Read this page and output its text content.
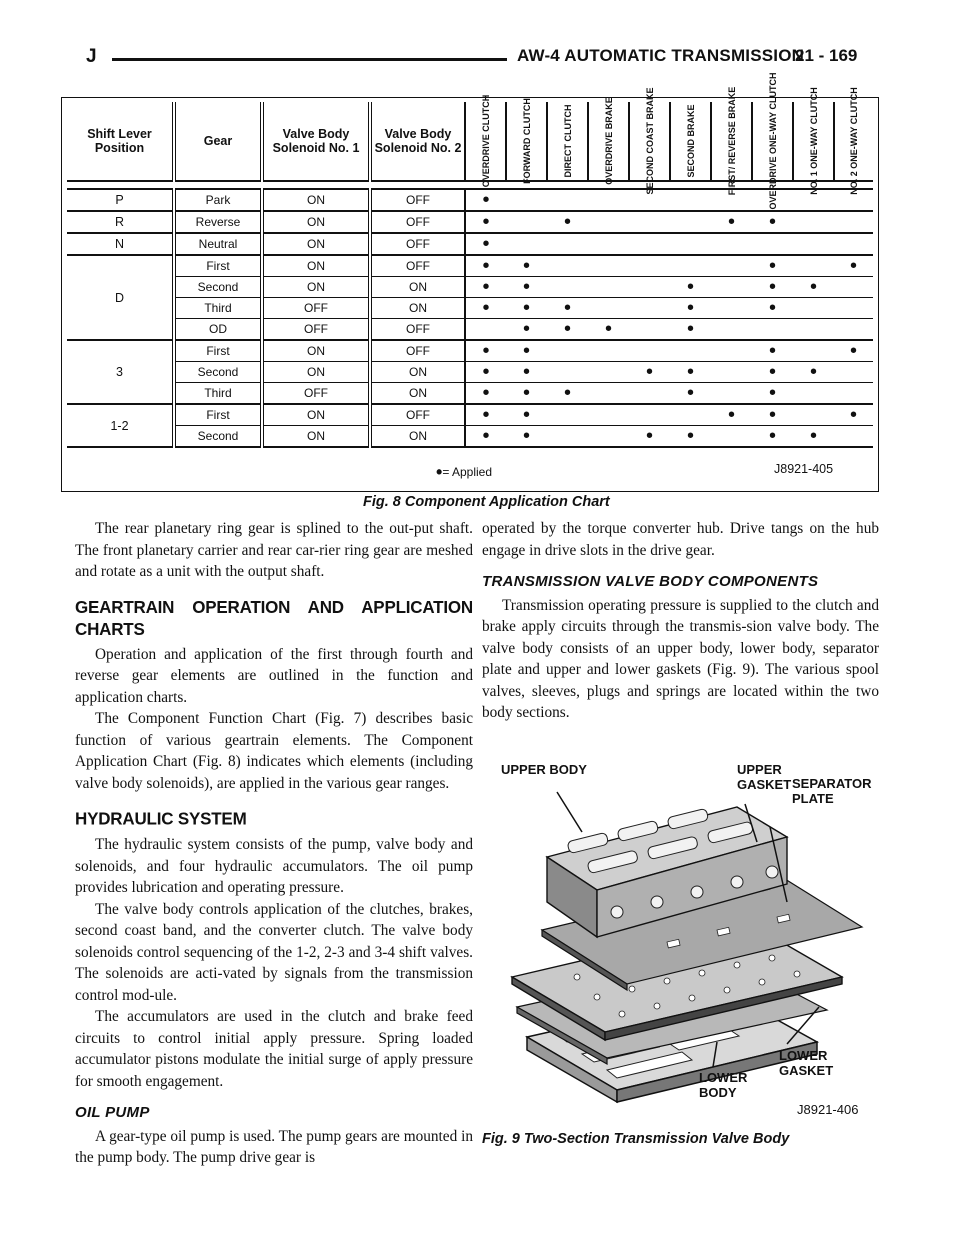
J	AW-4 AUTOMATIC TRANSMISSION
21 - 169
Shift Lever Position	Gear	Valve Body Solenoid No. 1	Valve Body Solenoid No. 2	OVERDRIVE CLUTCH	FORWARD CLUTCH	DIRECT CLUTCH	OVERDRIVE BRAKE	SECOND COAST BRAKE	SECOND BRAKE	FIRST/ REVERSE BRAKE	OVERDRIVE ONE-WAY CLUTCH	NO. 1 ONE-WAY CLUTCH	NO. 2 ONE-WAY CLUTCH

P	Park	ON	OFF	•									
R	Reverse	ON	OFF	•		•				•	•		
N	Neutral	ON	OFF	•									
D	First	ON	OFF	•	•						•		•
	Second	ON	ON	•	•				•		•	•	
	Third	OFF	ON	•	•	•			•		•		
	OD	OFF	OFF		•	•	•		•				
3	First	ON	OFF	•	•						•		•
	Second	ON	ON	•	•			•	•		•	•	
	Third	OFF	ON	•	•	•			•		•		
1-2	First	ON	OFF	•	•					•	•		•
	Second	ON	ON	•	•			•	•		•	•	
•= Applied	J8921-405
Fig. 8 Component Application Chart

The rear planetary ring gear is splined to the out-put shaft. The front planetary carrier and rear car-rier ring gear are meshed and rotate as a unit with the output shaft.

GEARTRAIN OPERATION AND APPLICATION CHARTS

Operation and application of the first through fourth and reverse gear elements are outlined in the function and application charts.

The Component Function Chart (Fig. 7) describes basic function of various geartrain elements. The Component Application Chart (Fig. 8) indicates which elements (including valve body solenoids), are applied in the various gear ranges.

HYDRAULIC SYSTEM

The hydraulic system consists of the pump, valve body and solenoids, and four hydraulic accumulators. The oil pump provides lubrication and operating pressure.

The valve body controls application of the clutches, brakes, second coast band, and the converter clutch. The valve body solenoids control sequencing of the 1-2, 2-3 and 3-4 shift valves. The solenoids are acti-vated by signals from the transmission control mod-ule.

The accumulators are used in the clutch and brake feed circuits to control initial apply pressure. Spring loaded accumulator pistons modulate the initial surge of apply pressure for smooth engagement.

OIL PUMP

A gear-type oil pump is used. The pump gears are mounted in the pump body. The pump drive gear is

operated by the torque converter hub. Drive tangs on the hub engage in drive slots in the drive gear.

TRANSMISSION VALVE BODY COMPONENTS

Transmission operating pressure is supplied to the clutch and brake apply circuits through the transmis-sion valve body. The valve body consists of an upper body, lower body, separator plate and upper and lower gaskets (Fig. 9). The various spool valves, sleeves, plugs and springs are located within the two body sections.

UPPER BODY	UPPER GASKET SEPARATOR PLATE
LOWER GASKET
LOWER BODY
J8921-406
Fig. 9 Two-Section Transmission Valve Body
